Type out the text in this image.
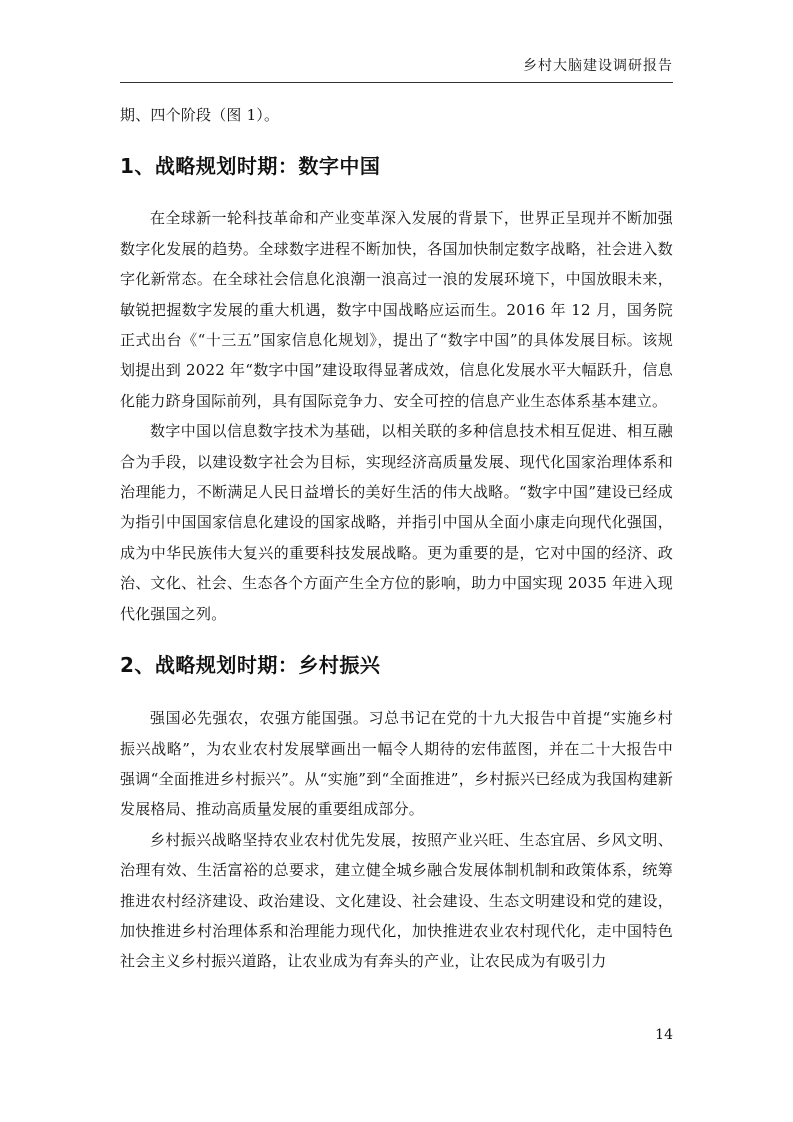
乡村大脑建设调研报告

期、四个阶段（图 1）。

1、战略规划时期：数字中国

在全球新一轮科技革命和产业变革深入发展的背景下，世界正呈现并不断加强数字化发展的趋势。全球数字进程不断加快，各国加快制定数字战略，社会进入数字化新常态。在全球社会信息化浪潮一浪高过一浪的发展环境下，中国放眼未来，敏锐把握数字发展的重大机遇，数字中国战略应运而生。2016 年 12 月，国务院正式出台《“十三五”国家信息化规划》，提出了“数字中国”的具体发展目标。该规划提出到 2022 年“数字中国”建设取得显著成效，信息化发展水平大幅跃升，信息化能力跻身国际前列，具有国际竞争力、安全可控的信息产业生态体系基本建立。

数字中国以信息数字技术为基础，以相关联的多种信息技术相互促进、相互融合为手段，以建设数字社会为目标，实现经济高质量发展、现代化国家治理体系和治理能力，不断满足人民日益增长的美好生活的伟大战略。“数字中国”建设已经成为指引中国国家信息化建设的国家战略，并指引中国从全面小康走向现代化强国，成为中华民族伟大复兴的重要科技发展战略。更为重要的是，它对中国的经济、政治、文化、社会、生态各个方面产生全方位的影响，助力中国实现 2035 年进入现代化强国之列。

2、战略规划时期：乡村振兴

强国必先强农，农强方能国强。习总书记在党的十九大报告中首提“实施乡村振兴战略”，为农业农村发展擘画出一幅令人期待的宏伟蓝图，并在二十大报告中强调“全面推进乡村振兴”。从“实施”到“全面推进”，乡村振兴已经成为我国构建新发展格局、推动高质量发展的重要组成部分。

乡村振兴战略坚持农业农村优先发展，按照产业兴旺、生态宜居、乡风文明、治理有效、生活富裕的总要求，建立健全城乡融合发展体制机制和政策体系，统筹推进农村经济建设、政治建设、文化建设、社会建设、生态文明建设和党的建设，加快推进乡村治理体系和治理能力现代化，加快推进农业农村现代化，走中国特色社会主义乡村振兴道路，让农业成为有奔头的产业，让农民成为有吸引力

14
